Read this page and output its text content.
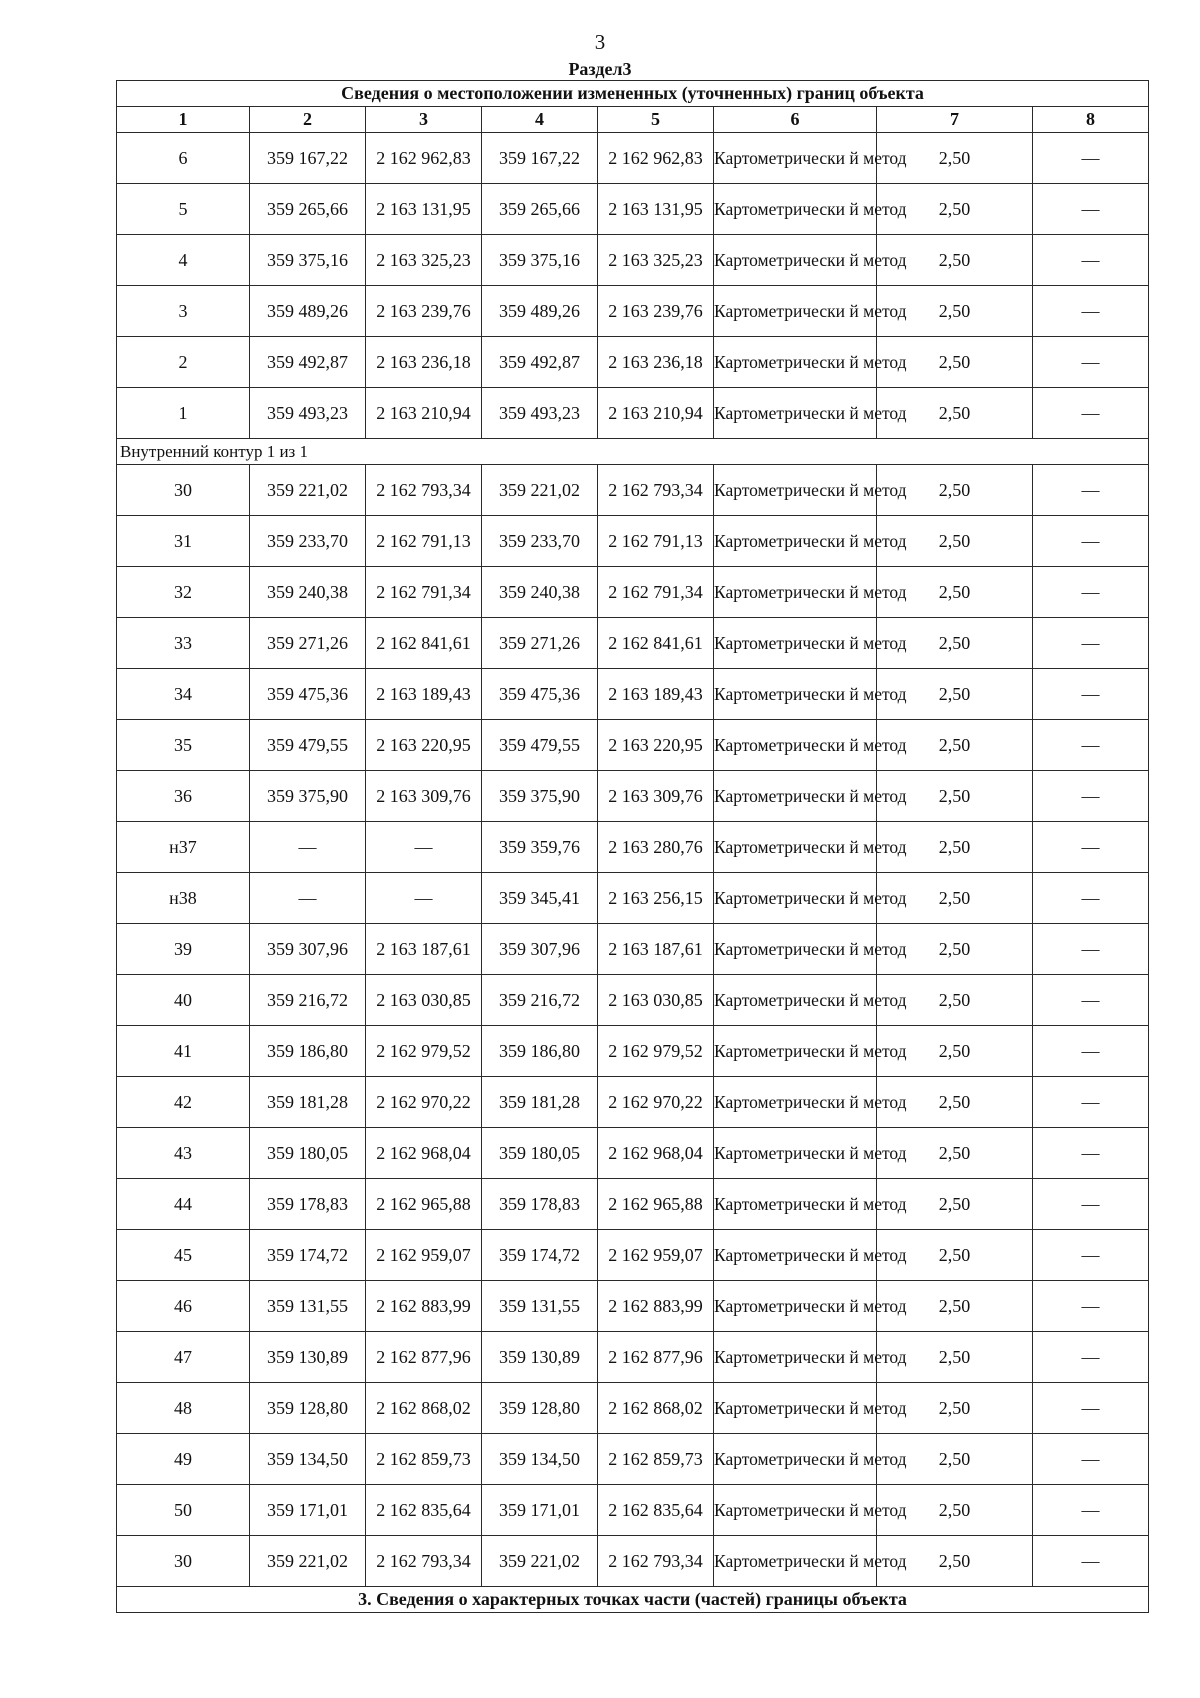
3
Раздел3
Сведения о местоположении измененных (уточненных) границ объекта							
1	2	3	4	5	6	7	8
6	359 167,22	2 162 962,83	359 167,22	2 162 962,83	Картометрически й метод	2,50	—
5	359 265,66	2 163 131,95	359 265,66	2 163 131,95	Картометрически й метод	2,50	—
4	359 375,16	2 163 325,23	359 375,16	2 163 325,23	Картометрически й метод	2,50	—
3	359 489,26	2 163 239,76	359 489,26	2 163 239,76	Картометрически й метод	2,50	—
2	359 492,87	2 163 236,18	359 492,87	2 163 236,18	Картометрически й метод	2,50	—
1	359 493,23	2 163 210,94	359 493,23	2 163 210,94	Картометрически й метод	2,50	—
Внутренний контур 1 из 1							
30	359 221,02	2 162 793,34	359 221,02	2 162 793,34	Картометрически й метод	2,50	—
31	359 233,70	2 162 791,13	359 233,70	2 162 791,13	Картометрически й метод	2,50	—
32	359 240,38	2 162 791,34	359 240,38	2 162 791,34	Картометрически й метод	2,50	—
33	359 271,26	2 162 841,61	359 271,26	2 162 841,61	Картометрически й метод	2,50	—
34	359 475,36	2 163 189,43	359 475,36	2 163 189,43	Картометрически й метод	2,50	—
35	359 479,55	2 163 220,95	359 479,55	2 163 220,95	Картометрически й метод	2,50	—
36	359 375,90	2 163 309,76	359 375,90	2 163 309,76	Картометрически й метод	2,50	—
н37	—	—	359 359,76	2 163 280,76	Картометрически й метод	2,50	—
н38	—	—	359 345,41	2 163 256,15	Картометрически й метод	2,50	—
39	359 307,96	2 163 187,61	359 307,96	2 163 187,61	Картометрически й метод	2,50	—
40	359 216,72	2 163 030,85	359 216,72	2 163 030,85	Картометрически й метод	2,50	—
41	359 186,80	2 162 979,52	359 186,80	2 162 979,52	Картометрически й метод	2,50	—
42	359 181,28	2 162 970,22	359 181,28	2 162 970,22	Картометрически й метод	2,50	—
43	359 180,05	2 162 968,04	359 180,05	2 162 968,04	Картометрически й метод	2,50	—
44	359 178,83	2 162 965,88	359 178,83	2 162 965,88	Картометрически й метод	2,50	—
45	359 174,72	2 162 959,07	359 174,72	2 162 959,07	Картометрически й метод	2,50	—
46	359 131,55	2 162 883,99	359 131,55	2 162 883,99	Картометрически й метод	2,50	—
47	359 130,89	2 162 877,96	359 130,89	2 162 877,96	Картометрически й метод	2,50	—
48	359 128,80	2 162 868,02	359 128,80	2 162 868,02	Картометрически й метод	2,50	—
49	359 134,50	2 162 859,73	359 134,50	2 162 859,73	Картометрически й метод	2,50	—
50	359 171,01	2 162 835,64	359 171,01	2 162 835,64	Картометрически й метод	2,50	—
30	359 221,02	2 162 793,34	359 221,02	2 162 793,34	Картометрически й метод	2,50	—
3. Сведения о характерных точках части (частей) границы объекта							
